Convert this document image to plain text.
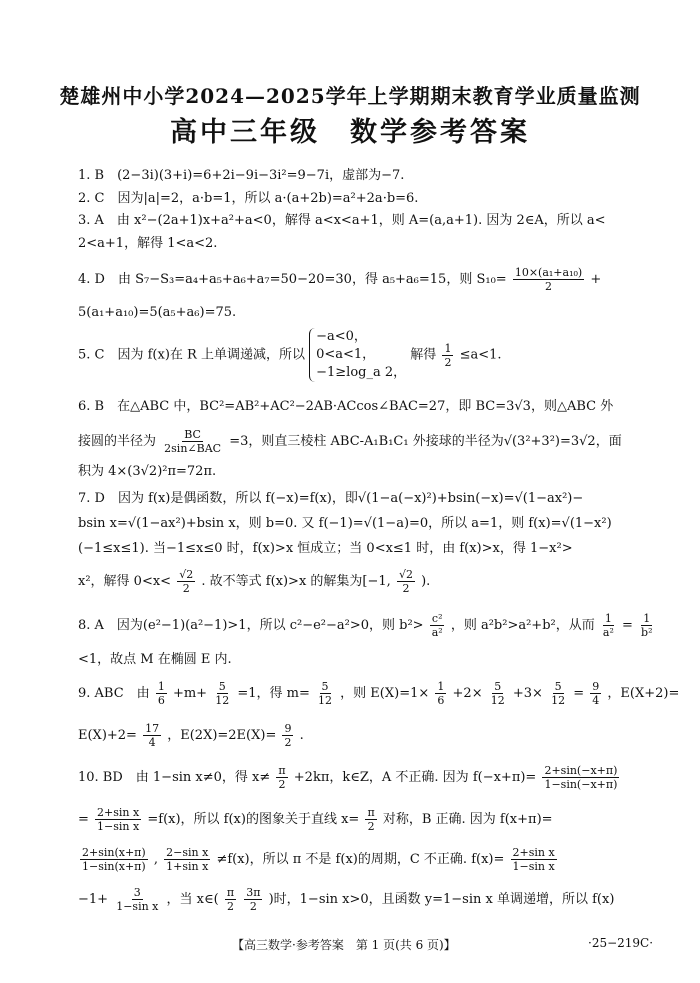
楚雄州中小学2024—2025学年上学期期末教育学业质量监测
高中三年级　数学参考答案
1. B　(2−3i)(3+i)=6+2i−9i−3i²=9−7i，虚部为−7.
2. C　因为|a|=2，a·b=1，所以 a·(a+2b)=a²+2a·b=6.
3. A　由 x²−(2a+1)x+a²+a<0，解得 a<x<a+1，则 A=(a,a+1). 因为 2∈A，所以 a<
2<a+1，解得 1<a<2.
4. D　由 S₇−S₃=a₄+a₅+a₆+a₇=50−20=30，得 a₅+a₆=15，则 $S_{10}= \frac{\text{10×(a₁+a₁₀)}}{2}$ +
5(a₁+a₁₀)=5(a₅+a₆)=75.
5. C　因为 f(x)在 R 上单调递减，所以 −a<0，
0<a<1，
−1≥log_a 2， 解得 $\frac{1}{2} \le a<1$.
6. B　在△ABC 中，BC²=AB²+AC²−2AB·ACcos∠BAC=27，即 BC=3√3，则△ABC 外
接圆的半径为 $\frac{BC}{\text{2sin∠BAC}} =3$，则直三棱柱 ABC-A₁B₁C₁ 外接球的半径为√(3²+3²)=3√2，面
积为 4×(3√2)²π=72π.
7. D　因为 f(x)是偶函数，所以 f(−x)=f(x)，即√(1−a(−x)²)+bsin(−x)=√(1−ax²)−
bsin x=√(1−ax²)+bsin x，则 b=0. 又 f(−1)=√(1−a)=0，所以 a=1，则 f(x)=√(1−x²)
(−1≤x≤1). 当−1≤x≤0 时，f(x)>x 恒成立；当 0<x≤1 时，由 f(x)>x，得 1−x²>
x²，解得 $0<x< \frac{√2}{2}$ . 故不等式 f(x)>x 的解集为[−1, $\frac{√2}{2}$ ).
8. A　因为(e²−1)(a²−1)>1，所以 c²−e²−a²>0，则 $b^2> \frac{\text{c²}}{\text{a²}}$ ，则 a²b²>a²+b²，从而 $\frac{1}{\text{a²}} = \frac{1}{\text{b²}}$
<1，故点 M 在椭圆 E 内.
9. ABC　由 $\frac{1}{6} +m+ \frac{5}{12} =1$，得 $m= \frac{5}{12}$ ，则 $E(X)=1\times \frac{1}{6} +2\times \frac{5}{12} +3\times \frac{5}{12} = \frac{9}{4}$ ，E(X+2)=
$E(X)+2= \frac{17}{4}$ ，$E(2X)=2E(X)= \frac{9}{2}$ .
10. BD　由 1−sin x≠0，得 $x\ne \frac{\pi}{2} +2k\pi$，k∈Z，A 不正确. 因为 $f(-x+\pi)= \frac{2+\sin(-x+\pi)}{1-\sin(-x+\pi)}$
= $\frac{\text{2+sin x}}{\text{1−sin x}} =f(x)$，所以 f(x)的图象关于直线 $x= \frac{\pi}{2}$ 对称，B 正确. 因为 f(x+π)=
$\frac{2+\sin(x+\pi)}{1-\sin(x+\pi)}$ , $\frac{\text{2−sin x}}{\text{1+sin x}} \ne f(x)$，所以 π 不是 f(x)的周期，C 不正确. $f(x)= \frac{\text{2+sin x}}{\text{1−sin x}}$
$-1+ \frac{3}{\text{1−sin x}}$ ，当 x∈( $\frac{\pi}{2}$
$\frac{3\pi}{2}$ )时，1−sin x>0，且函数 y=1−sin x 单调递增，所以 f(x)
【高三数学·参考答案　第 1 页(共 6 页)】	·25−219C·
